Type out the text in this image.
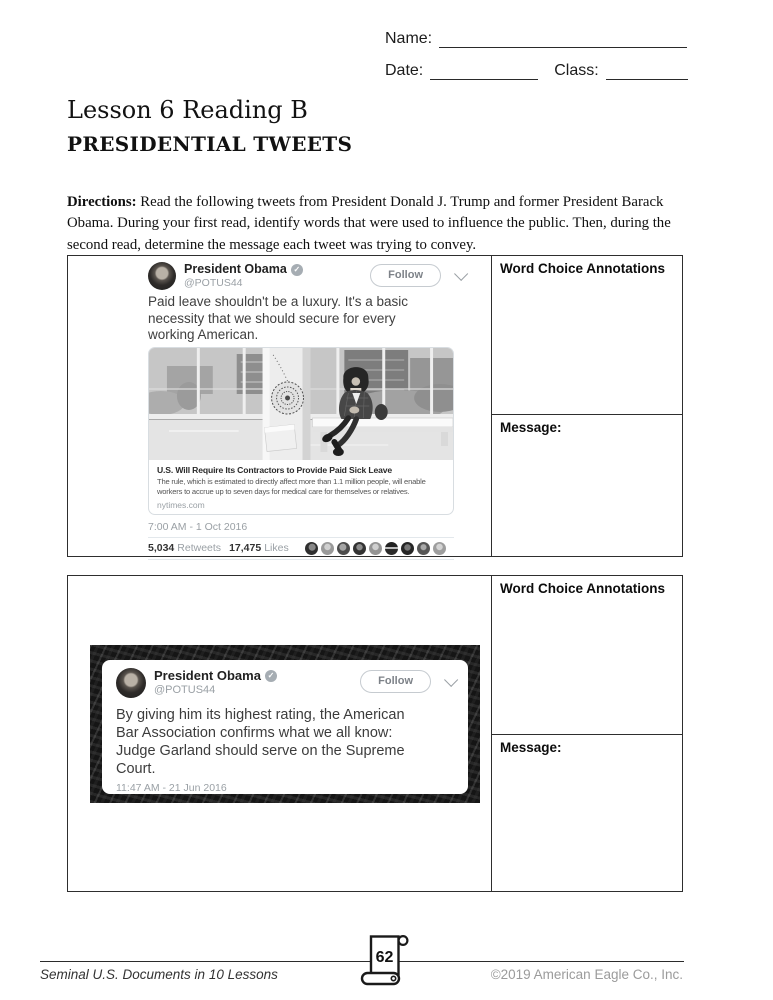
Name:
Date:	Class:
Lesson 6 Reading B
PRESIDENTIAL TWEETS

Directions: Read the following tweets from President Donald J. Trump and former President Barack Obama. During your first read, identify words that were used to influence the public. Then, during the second read, determine the message each tweet was trying to convey.

President Obama ✓
@POTUS44
Follow
Paid leave shouldn't be a luxury. It's a basic
necessity that we should secure for every
working American.
U.S. Will Require Its Contractors to Provide Paid Sick Leave
The rule, which is estimated to directly affect more than 1.1 million people, will enable
workers to accrue up to seven days for medical care for themselves or relatives.
nytimes.com
7:00 AM - 1 Oct 2016
5,034 Retweets 17,475 Likes
Word Choice Annotations
Message:
President Obama ✓
@POTUS44
Follow
By giving him its highest rating, the American
Bar Association confirms what we all know:
Judge Garland should serve on the Supreme
Court.
11:47 AM - 21 Jun 2016
Word Choice Annotations
Message:
Seminal U.S. Documents in 10 Lessons	©2019 American Eagle Co., Inc.
62
